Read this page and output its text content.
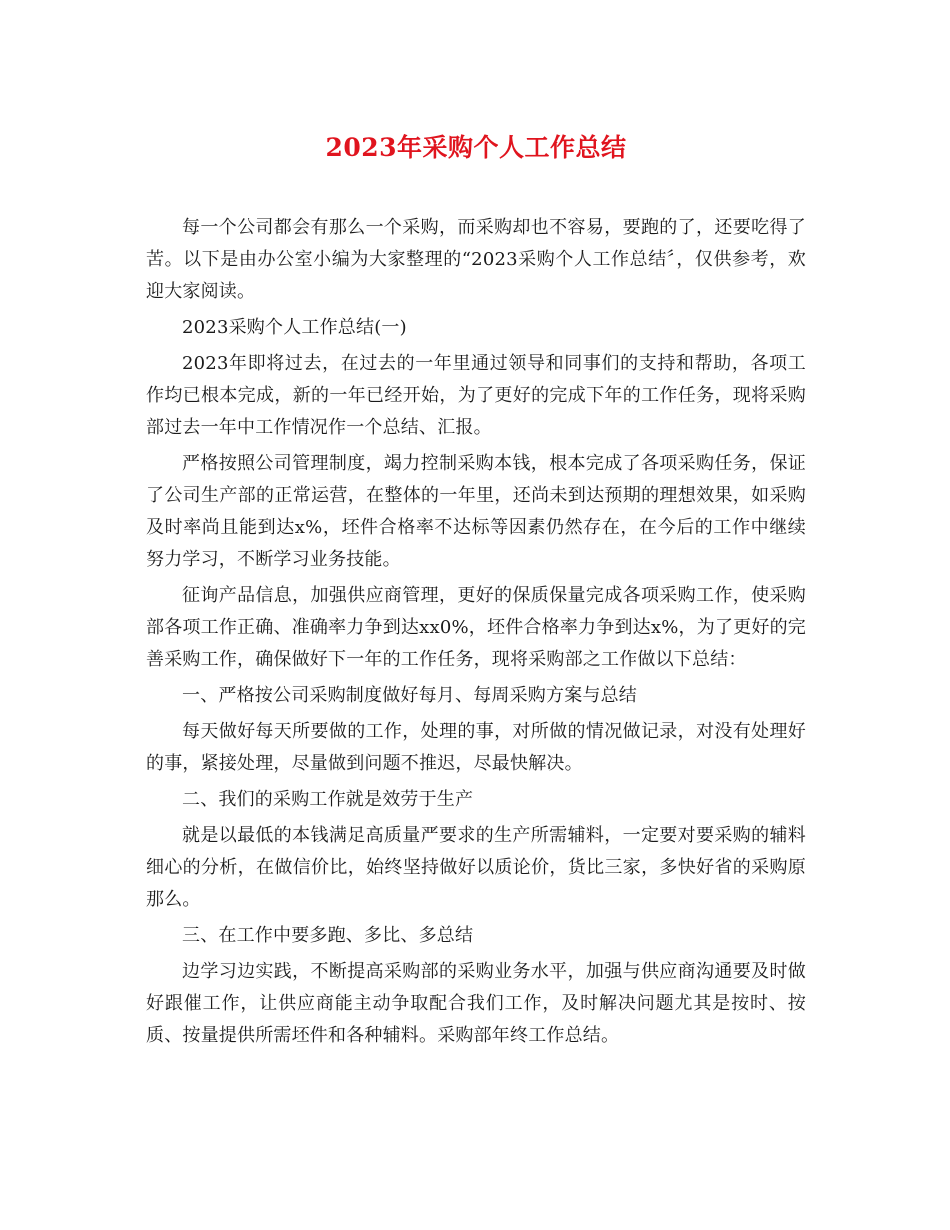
2023年采购个人工作总结

每一个公司都会有那么一个采购，而采购却也不容易，要跑的了，还要吃得了苦。以下是由办公室小编为大家整理的“2023采购个人工作总结〞，仅供参考，欢迎大家阅读。

2023采购个人工作总结(一)

2023年即将过去，在过去的一年里通过领导和同事们的支持和帮助，各项工作均已根本完成，新的一年已经开始，为了更好的完成下年的工作任务，现将采购部过去一年中工作情况作一个总结、汇报。

严格按照公司管理制度，竭力控制采购本钱，根本完成了各项采购任务，保证了公司生产部的正常运营，在整体的一年里，还尚未到达预期的理想效果，如采购及时率尚且能到达x%，坯件合格率不达标等因素仍然存在，在今后的工作中继续努力学习，不断学习业务技能。

征询产品信息，加强供应商管理，更好的保质保量完成各项采购工作，使采购部各项工作正确、准确率力争到达xx0%，坯件合格率力争到达x%，为了更好的完善采购工作，确保做好下一年的工作任务，现将采购部之工作做以下总结：

一、严格按公司采购制度做好每月、每周采购方案与总结

每天做好每天所要做的工作，处理的事，对所做的情况做记录，对没有处理好的事，紧接处理，尽量做到问题不推迟，尽最快解决。

二、我们的采购工作就是效劳于生产

就是以最低的本钱满足高质量严要求的生产所需辅料，一定要对要采购的辅料细心的分析，在做信价比，始终坚持做好以质论价，货比三家，多快好省的采购原那么。

三、在工作中要多跑、多比、多总结

边学习边实践，不断提高采购部的采购业务水平，加强与供应商沟通要及时做好跟催工作，让供应商能主动争取配合我们工作，及时解决问题尤其是按时、按质、按量提供所需坯件和各种辅料。采购部年终工作总结。
